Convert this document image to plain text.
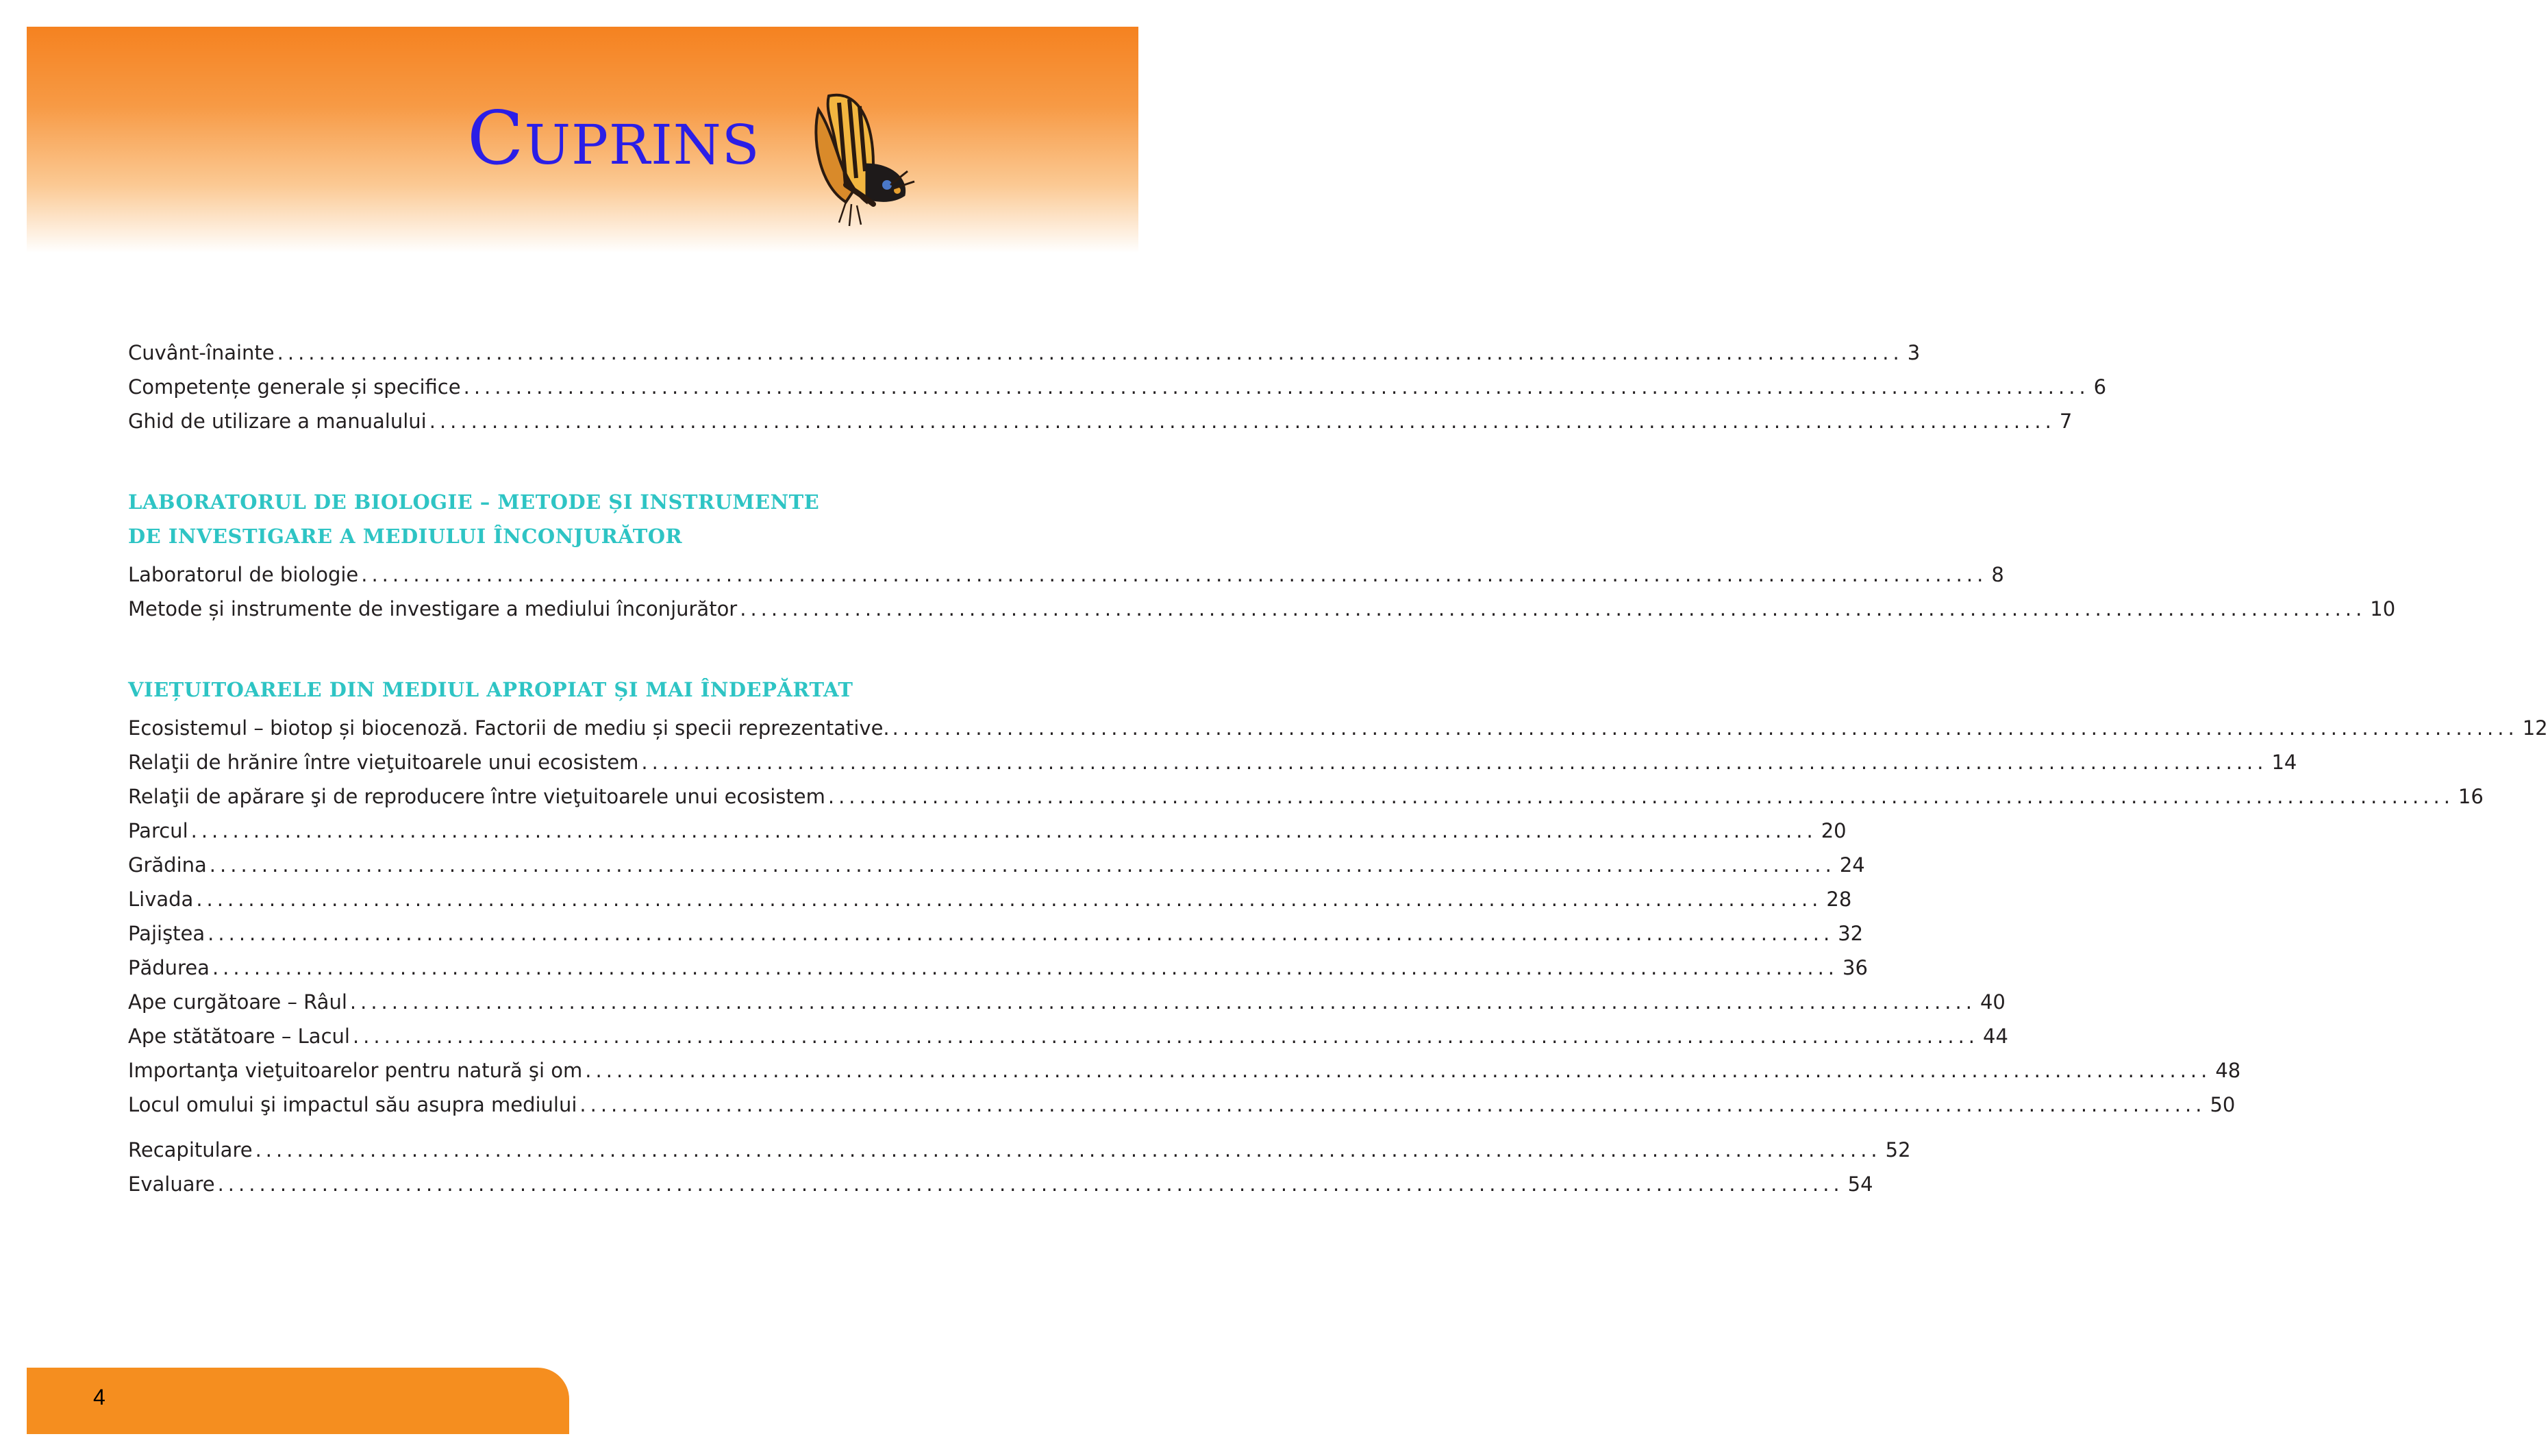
CUPRINS
Cuvânt-înainte ............................................................................................................................................................ 3
Competențe generale și specifice ............................................................................................................................................................ 6
Ghid de utilizare a manualului ............................................................................................................................................................ 7
LABORATORUL DE BIOLOGIE – METODE ȘI INSTRUMENTE
DE INVESTIGARE A MEDIULUI ÎNCONJURĂTOR
Laboratorul de biologie ............................................................................................................................................................ 8
Metode și instrumente de investigare a mediului înconjurător ............................................................................................................................................................ 10
VIEȚUITOARELE DIN MEDIUL APROPIAT ȘI MAI ÎNDEPĂRTAT
Ecosistemul – biotop și biocenoză. Factorii de mediu și specii reprezentative. ............................................................................................................................................................ 12
Relaţii de hrănire între vieţuitoarele unui ecosistem ............................................................................................................................................................ 14
Relaţii de apărare şi de reproducere între vieţuitoarele unui ecosistem ............................................................................................................................................................ 16
Parcul ............................................................................................................................................................ 20
Grădina ............................................................................................................................................................ 24
Livada ............................................................................................................................................................ 28
Pajiştea ............................................................................................................................................................ 32
Pădurea ............................................................................................................................................................ 36
Ape curgătoare – Râul ............................................................................................................................................................ 40
Ape stătătoare – Lacul ............................................................................................................................................................ 44
Importanţa vieţuitoarelor pentru natură şi om ............................................................................................................................................................ 48
Locul omului şi impactul său asupra mediului ............................................................................................................................................................ 50
Recapitulare ............................................................................................................................................................ 52
Evaluare ............................................................................................................................................................ 54
4
